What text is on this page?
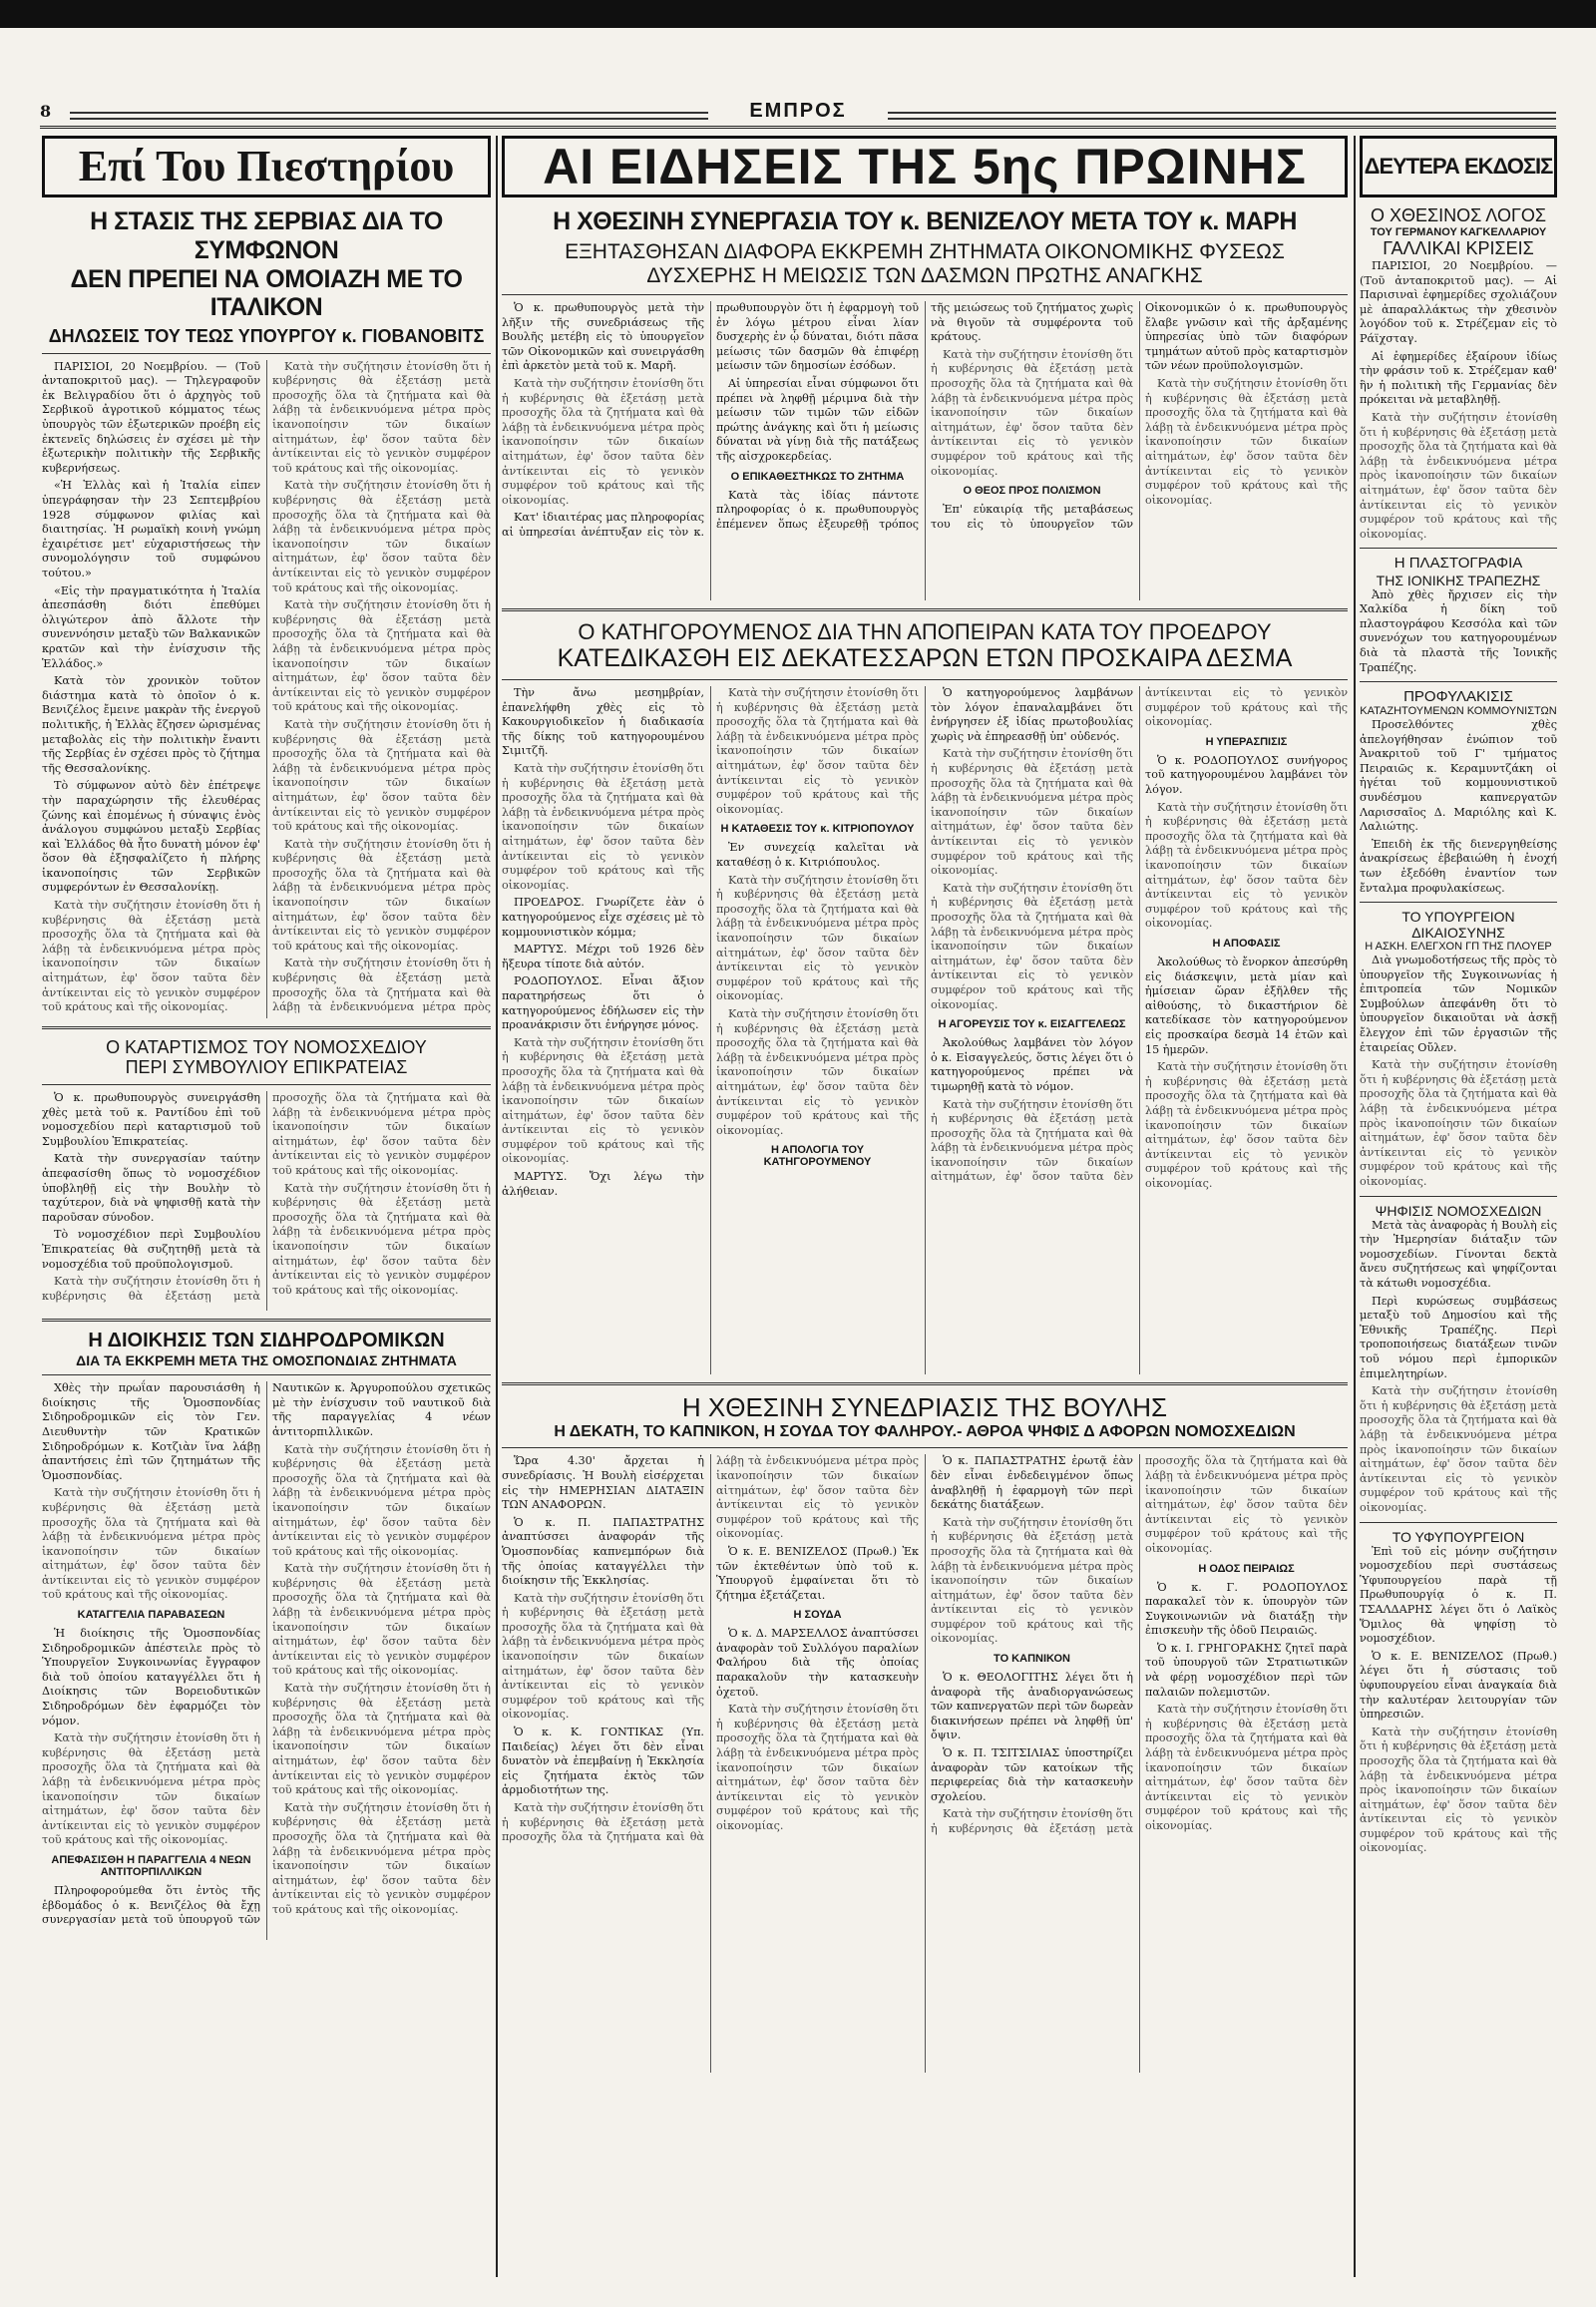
8	ΕΜΠΡΟΣ
Επί Του Πιεστηρίου

Η ΣΤΑΣΙΣ ΤΗΣ ΣΕΡΒΙΑΣ ΔΙΑ ΤΟ ΣΥΜΦΩΝΟΝ

ΔΕΝ ΠΡΕΠΕΙ ΝΑ ΟΜΟΙΑΖΗ ΜΕ ΤΟ ΙΤΑΛΙΚΟΝ

ΔΗΛΩΣΕΙΣ ΤΟΥ ΤΕΩΣ ΥΠΟΥΡΓΟΥ κ. ΓΙΟΒΑΝΟΒΙΤΣ

ΠΑΡΙΣΙΟΙ, 20 Νοεμβρίου. — (Τοῦ ἀνταποκριτοῦ μας). — Τηλεγραφοῦν ἐκ Βελιγραδίου ὅτι ὁ ἀρχηγὸς τοῦ Σερβικοῦ ἀγροτικοῦ κόμματος τέως ὑπουργὸς τῶν ἐξωτερικῶν προέβη εἰς ἐκτενεῖς δηλώσεις ἐν σχέσει μὲ τὴν ἐξωτερικὴν πολιτικὴν τῆς Σερβικῆς κυβερνήσεως.

«Ἡ Ἑλλὰς καὶ ἡ Ἰταλία εἰπεν ὑπεγράφησαν τὴν 23 Σεπτεμβρίου 1928 σύμφωνον φιλίας καὶ διαιτησίας. Ἡ ρωμαϊκὴ κοινὴ γνώμη ἐχαιρέτισε μετ' εὐχαριστήσεως τὴν συνομολόγησιν τοῦ συμφώνου τούτου.»

«Εἰς τὴν πραγματικότητα ἡ Ἰταλία ἀπεσπάσθη διότι ἐπεθύμει ὀλιγώτερον ἀπὸ ἄλλοτε τὴν συνεννόησιν μεταξὺ τῶν Βαλκανικῶν κρατῶν καὶ τὴν ἐνίσχυσιν τῆς Ἑλλάδος.»

Κατὰ τὸν χρονικὸν τοῦτον διάστημα κατὰ τὸ ὁποῖον ὁ κ. Βενιζέλος ἔμεινε μακρὰν τῆς ἐνεργοῦ πολιτικῆς, ἡ Ἑλλὰς ἔζησεν ὡρισμένας μεταβολὰς εἰς τὴν πολιτικὴν ἔναντι τῆς Σερβίας ἐν σχέσει πρὸς τὸ ζήτημα τῆς Θεσσαλονίκης.

Τὸ σύμφωνον αὐτὸ δὲν ἐπέτρεψε τὴν παραχώρησιν τῆς ἐλευθέρας ζώνης καὶ ἐπομένως ἡ σύναψις ἑνὸς ἀνάλογου συμφώνου μεταξὺ Σερβίας καὶ Ἑλλάδος θὰ ἦτο δυνατὴ μόνον ἐφ' ὅσον θὰ ἐξησφαλίζετο ἡ πλήρης ἱκανοποίησις τῶν Σερβικῶν συμφερόντων ἐν Θεσσαλονίκῃ.

Κατὰ τὴν συζήτησιν ἐτονίσθη ὅτι ἡ κυβέρνησις θὰ ἐξετάσῃ μετὰ προσοχῆς ὅλα τὰ ζητήματα καὶ θὰ λάβῃ τὰ ἐνδεικνυόμενα μέτρα πρὸς ἱκανοποίησιν τῶν δικαίων αἰτημάτων, ἐφ' ὅσον ταῦτα δὲν ἀντίκεινται εἰς τὸ γενικὸν συμφέρον τοῦ κράτους καὶ τῆς οἰκονομίας.

Κατὰ τὴν συζήτησιν ἐτονίσθη ὅτι ἡ κυβέρνησις θὰ ἐξετάσῃ μετὰ προσοχῆς ὅλα τὰ ζητήματα καὶ θὰ λάβῃ τὰ ἐνδεικνυόμενα μέτρα πρὸς ἱκανοποίησιν τῶν δικαίων αἰτημάτων, ἐφ' ὅσον ταῦτα δὲν ἀντίκεινται εἰς τὸ γενικὸν συμφέρον τοῦ κράτους καὶ τῆς οἰκονομίας.

Κατὰ τὴν συζήτησιν ἐτονίσθη ὅτι ἡ κυβέρνησις θὰ ἐξετάσῃ μετὰ προσοχῆς ὅλα τὰ ζητήματα καὶ θὰ λάβῃ τὰ ἐνδεικνυόμενα μέτρα πρὸς ἱκανοποίησιν τῶν δικαίων αἰτημάτων, ἐφ' ὅσον ταῦτα δὲν ἀντίκεινται εἰς τὸ γενικὸν συμφέρον τοῦ κράτους καὶ τῆς οἰκονομίας.

Κατὰ τὴν συζήτησιν ἐτονίσθη ὅτι ἡ κυβέρνησις θὰ ἐξετάσῃ μετὰ προσοχῆς ὅλα τὰ ζητήματα καὶ θὰ λάβῃ τὰ ἐνδεικνυόμενα μέτρα πρὸς ἱκανοποίησιν τῶν δικαίων αἰτημάτων, ἐφ' ὅσον ταῦτα δὲν ἀντίκεινται εἰς τὸ γενικὸν συμφέρον τοῦ κράτους καὶ τῆς οἰκονομίας.

Κατὰ τὴν συζήτησιν ἐτονίσθη ὅτι ἡ κυβέρνησις θὰ ἐξετάσῃ μετὰ προσοχῆς ὅλα τὰ ζητήματα καὶ θὰ λάβῃ τὰ ἐνδεικνυόμενα μέτρα πρὸς ἱκανοποίησιν τῶν δικαίων αἰτημάτων, ἐφ' ὅσον ταῦτα δὲν ἀντίκεινται εἰς τὸ γενικὸν συμφέρον τοῦ κράτους καὶ τῆς οἰκονομίας.

Κατὰ τὴν συζήτησιν ἐτονίσθη ὅτι ἡ κυβέρνησις θὰ ἐξετάσῃ μετὰ προσοχῆς ὅλα τὰ ζητήματα καὶ θὰ λάβῃ τὰ ἐνδεικνυόμενα μέτρα πρὸς ἱκανοποίησιν τῶν δικαίων αἰτημάτων, ἐφ' ὅσον ταῦτα δὲν ἀντίκεινται εἰς τὸ γενικὸν συμφέρον τοῦ κράτους καὶ τῆς οἰκονομίας.

Κατὰ τὴν συζήτησιν ἐτονίσθη ὅτι ἡ κυβέρνησις θὰ ἐξετάσῃ μετὰ προσοχῆς ὅλα τὰ ζητήματα καὶ θὰ λάβῃ τὰ ἐνδεικνυόμενα μέτρα πρὸς

Ο ΚΑΤΑΡΤΙΣΜΟΣ ΤΟΥ ΝΟΜΟΣΧΕΔΙΟΥ

ΠΕΡΙ ΣΥΜΒΟΥΛΙΟΥ ΕΠΙΚΡΑΤΕΙΑΣ

Ὁ κ. πρωθυπουργὸς συνειργάσθη χθὲς μετὰ τοῦ κ. Ραντίδου ἐπὶ τοῦ νομοσχεδίου περὶ καταρτισμοῦ τοῦ Συμβουλίου Ἐπικρατείας.

Κατὰ τὴν συνεργασίαν ταύτην ἀπεφασίσθη ὅπως τὸ νομοσχέδιον ὑποβληθῇ εἰς τὴν Βουλὴν τὸ ταχύτερον, διὰ νὰ ψηφισθῇ κατὰ τὴν παροῦσαν σύνοδον.

Τὸ νομοσχέδιον περὶ Συμβουλίου Ἐπικρατείας θὰ συζητηθῇ μετὰ τὰ νομοσχέδια τοῦ προϋπολογισμοῦ.

Κατὰ τὴν συζήτησιν ἐτονίσθη ὅτι ἡ κυβέρνησις θὰ ἐξετάσῃ μετὰ προσοχῆς ὅλα τὰ ζητήματα καὶ θὰ λάβῃ τὰ ἐνδεικνυόμενα μέτρα πρὸς ἱκανοποίησιν τῶν δικαίων αἰτημάτων, ἐφ' ὅσον ταῦτα δὲν ἀντίκεινται εἰς τὸ γενικὸν συμφέρον τοῦ κράτους καὶ τῆς οἰκονομίας.

Κατὰ τὴν συζήτησιν ἐτονίσθη ὅτι ἡ κυβέρνησις θὰ ἐξετάσῃ μετὰ προσοχῆς ὅλα τὰ ζητήματα καὶ θὰ λάβῃ τὰ ἐνδεικνυόμενα μέτρα πρὸς ἱκανοποίησιν τῶν δικαίων αἰτημάτων, ἐφ' ὅσον ταῦτα δὲν ἀντίκεινται εἰς τὸ γενικὸν συμφέρον τοῦ κράτους καὶ τῆς οἰκονομίας.

Η ΔΙΟΙΚΗΣΙΣ ΤΩΝ ΣΙΔΗΡΟΔΡΟΜΙΚΩΝ

ΔΙΑ ΤΑ ΕΚΚΡΕΜΗ ΜΕΤΑ ΤΗΣ ΟΜΟΣΠΟΝΔΙΑΣ ΖΗΤΗΜΑΤΑ

Χθὲς τὴν πρωΐαν παρουσιάσθη ἡ διοίκησις τῆς Ὁμοσπονδίας Σιδηροδρομικῶν εἰς τὸν Γεν. Διευθυντὴν τῶν Κρατικῶν Σιδηροδρόμων κ. Κοτζιὰν ἵνα λάβῃ ἀπαντήσεις ἐπὶ τῶν ζητημάτων τῆς Ὁμοσπονδίας.

Κατὰ τὴν συζήτησιν ἐτονίσθη ὅτι ἡ κυβέρνησις θὰ ἐξετάσῃ μετὰ προσοχῆς ὅλα τὰ ζητήματα καὶ θὰ λάβῃ τὰ ἐνδεικνυόμενα μέτρα πρὸς ἱκανοποίησιν τῶν δικαίων αἰτημάτων, ἐφ' ὅσον ταῦτα δὲν ἀντίκεινται εἰς τὸ γενικὸν συμφέρον τοῦ κράτους καὶ τῆς οἰκονομίας.

ΚΑΤΑΓΓΕΛΙΑ ΠΑΡΑΒΑΣΕΩΝ

Ἡ διοίκησις τῆς Ὁμοσπονδίας Σιδηροδρομικῶν ἀπέστειλε πρὸς τὸ Ὑπουργεῖον Συγκοινωνίας ἔγγραφον διὰ τοῦ ὁποίου καταγγέλλει ὅτι ἡ Διοίκησις τῶν Βορειοδυτικῶν Σιδηροδρόμων δὲν ἐφαρμόζει τὸν νόμον.

Κατὰ τὴν συζήτησιν ἐτονίσθη ὅτι ἡ κυβέρνησις θὰ ἐξετάσῃ μετὰ προσοχῆς ὅλα τὰ ζητήματα καὶ θὰ λάβῃ τὰ ἐνδεικνυόμενα μέτρα πρὸς ἱκανοποίησιν τῶν δικαίων αἰτημάτων, ἐφ' ὅσον ταῦτα δὲν ἀντίκεινται εἰς τὸ γενικὸν συμφέρον τοῦ κράτους καὶ τῆς οἰκονομίας.

ΑΠΕΦΑΣΙΣΘΗ Η ΠΑΡΑΓΓΕΛΙΑ 4 ΝΕΩΝ ΑΝΤΙΤΟΡΠΙΛΛΙΚΩΝ

Πληροφορούμεθα ὅτι ἐντὸς τῆς ἑβδομάδος ὁ κ. Βενιζέλος θὰ ἔχῃ συνεργασίαν μετὰ τοῦ ὑπουργοῦ τῶν Ναυτικῶν κ. Ἀργυροπούλου σχετικῶς μὲ τὴν ἐνίσχυσιν τοῦ ναυτικοῦ διὰ τῆς παραγγελίας 4 νέων ἀντιτορπιλλικῶν.

Κατὰ τὴν συζήτησιν ἐτονίσθη ὅτι ἡ κυβέρνησις θὰ ἐξετάσῃ μετὰ προσοχῆς ὅλα τὰ ζητήματα καὶ θὰ λάβῃ τὰ ἐνδεικνυόμενα μέτρα πρὸς ἱκανοποίησιν τῶν δικαίων αἰτημάτων, ἐφ' ὅσον ταῦτα δὲν ἀντίκεινται εἰς τὸ γενικὸν συμφέρον τοῦ κράτους καὶ τῆς οἰκονομίας.

Κατὰ τὴν συζήτησιν ἐτονίσθη ὅτι ἡ κυβέρνησις θὰ ἐξετάσῃ μετὰ προσοχῆς ὅλα τὰ ζητήματα καὶ θὰ λάβῃ τὰ ἐνδεικνυόμενα μέτρα πρὸς ἱκανοποίησιν τῶν δικαίων αἰτημάτων, ἐφ' ὅσον ταῦτα δὲν ἀντίκεινται εἰς τὸ γενικὸν συμφέρον τοῦ κράτους καὶ τῆς οἰκονομίας.

Κατὰ τὴν συζήτησιν ἐτονίσθη ὅτι ἡ κυβέρνησις θὰ ἐξετάσῃ μετὰ προσοχῆς ὅλα τὰ ζητήματα καὶ θὰ λάβῃ τὰ ἐνδεικνυόμενα μέτρα πρὸς ἱκανοποίησιν τῶν δικαίων αἰτημάτων, ἐφ' ὅσον ταῦτα δὲν ἀντίκεινται εἰς τὸ γενικὸν συμφέρον τοῦ κράτους καὶ τῆς οἰκονομίας.

Κατὰ τὴν συζήτησιν ἐτονίσθη ὅτι ἡ κυβέρνησις θὰ ἐξετάσῃ μετὰ προσοχῆς ὅλα τὰ ζητήματα καὶ θὰ λάβῃ τὰ ἐνδεικνυόμενα μέτρα πρὸς ἱκανοποίησιν τῶν δικαίων αἰτημάτων, ἐφ' ὅσον ταῦτα δὲν ἀντίκεινται εἰς τὸ γενικὸν συμφέρον τοῦ κράτους καὶ τῆς οἰκονομίας.

ΑΙ ΕΙΔΗΣΕΙΣ ΤΗΣ 5ης ΠΡΩΙΝΗΣ

Η ΧΘΕΣΙΝΗ ΣΥΝΕΡΓΑΣΙΑ ΤΟΥ κ. ΒΕΝΙΖΕΛΟΥ ΜΕΤΑ ΤΟΥ κ. ΜΑΡΗ

ΕΞΗΤΑΣΘΗΣΑΝ ΔΙΑΦΟΡΑ ΕΚΚΡΕΜΗ ΖΗΤΗΜΑΤΑ ΟΙΚΟΝΟΜΙΚΗΣ ΦΥΣΕΩΣ

ΔΥΣΧΕΡΗΣ Η ΜΕΙΩΣΙΣ ΤΩΝ ΔΑΣΜΩΝ ΠΡΩΤΗΣ ΑΝΑΓΚΗΣ

Ὁ κ. πρωθυπουργὸς μετὰ τὴν λῆξιν τῆς συνεδριάσεως τῆς Βουλῆς μετέβη εἰς τὸ ὑπουργεῖον τῶν Οἰκονομικῶν καὶ συνειργάσθη ἐπὶ ἀρκετὸν μετὰ τοῦ κ. Μαρῆ.

Κατὰ τὴν συζήτησιν ἐτονίσθη ὅτι ἡ κυβέρνησις θὰ ἐξετάσῃ μετὰ προσοχῆς ὅλα τὰ ζητήματα καὶ θὰ λάβῃ τὰ ἐνδεικνυόμενα μέτρα πρὸς ἱκανοποίησιν τῶν δικαίων αἰτημάτων, ἐφ' ὅσον ταῦτα δὲν ἀντίκεινται εἰς τὸ γενικὸν συμφέρον τοῦ κράτους καὶ τῆς οἰκονομίας.

Κατ' ἰδιαιτέρας μας πληροφορίας αἱ ὑπηρεσίαι ἀνέπτυξαν εἰς τὸν κ. πρωθυπουργὸν ὅτι ἡ ἐφαρμογὴ τοῦ ἐν λόγω μέτρου εἶναι λίαν δυσχερὴς ἐν ᾧ δύναται, διότι πᾶσα μείωσις τῶν δασμῶν θὰ ἐπιφέρῃ μείωσιν τῶν δημοσίων ἐσόδων.

Αἱ ὑπηρεσίαι εἶναι σύμφωνοι ὅτι πρέπει νὰ ληφθῇ μέριμνα διὰ τὴν μείωσιν τῶν τιμῶν τῶν εἰδῶν πρώτης ἀνάγκης καὶ ὅτι ἡ μείωσις δύναται νὰ γίνῃ διὰ τῆς πατάξεως τῆς αἰσχροκερδείας.

Ο ΕΠΙΚΑΘΕΣΤΗΚΩΣ ΤΟ ΖΗΤΗΜΑ

Κατὰ τὰς ἰδίας πάντοτε πληροφορίας ὁ κ. πρωθυπουργὸς ἐπέμενεν ὅπως ἐξευρεθῇ τρόπος τῆς μειώσεως τοῦ ζητήματος χωρὶς νὰ θιγοῦν τὰ συμφέροντα τοῦ κράτους.

Κατὰ τὴν συζήτησιν ἐτονίσθη ὅτι ἡ κυβέρνησις θὰ ἐξετάσῃ μετὰ προσοχῆς ὅλα τὰ ζητήματα καὶ θὰ λάβῃ τὰ ἐνδεικνυόμενα μέτρα πρὸς ἱκανοποίησιν τῶν δικαίων αἰτημάτων, ἐφ' ὅσον ταῦτα δὲν ἀντίκεινται εἰς τὸ γενικὸν συμφέρον τοῦ κράτους καὶ τῆς οἰκονομίας.

Ο ΘΕΟΣ ΠΡΟΣ ΠΟΛΙΣΜΟΝ

Ἐπ' εὐκαιρίᾳ τῆς μεταβάσεως του εἰς τὸ ὑπουργεῖον τῶν Οἰκονομικῶν ὁ κ. πρωθυπουργὸς ἔλαβε γνῶσιν καὶ τῆς ἀρξαμένης ὑπηρεσίας ὑπὸ τῶν διαφόρων τμημάτων αὐτοῦ πρὸς καταρτισμὸν τῶν νέων προϋπολογισμῶν.

Κατὰ τὴν συζήτησιν ἐτονίσθη ὅτι ἡ κυβέρνησις θὰ ἐξετάσῃ μετὰ προσοχῆς ὅλα τὰ ζητήματα καὶ θὰ λάβῃ τὰ ἐνδεικνυόμενα μέτρα πρὸς ἱκανοποίησιν τῶν δικαίων αἰτημάτων, ἐφ' ὅσον ταῦτα δὲν ἀντίκεινται εἰς τὸ γενικὸν συμφέρον τοῦ κράτους καὶ τῆς οἰκονομίας.

Ο ΚΑΤΗΓΟΡΟΥΜΕΝΟΣ ΔΙΑ ΤΗΝ ΑΠΟΠΕΙΡΑΝ ΚΑΤΑ ΤΟΥ ΠΡΟΕΔΡΟΥ

ΚΑΤΕΔΙΚΑΣΘΗ ΕΙΣ ΔΕΚΑΤΕΣΣΑΡΩΝ ΕΤΩΝ ΠΡΟΣΚΑΙΡΑ ΔΕΣΜΑ

Τὴν ἄνω μεσημβρίαν, ἐπανελήφθη χθὲς εἰς τὸ Κακουργιοδικεῖον ἡ διαδικασία τῆς δίκης τοῦ κατηγορουμένου Σιμιτζῆ.

Κατὰ τὴν συζήτησιν ἐτονίσθη ὅτι ἡ κυβέρνησις θὰ ἐξετάσῃ μετὰ προσοχῆς ὅλα τὰ ζητήματα καὶ θὰ λάβῃ τὰ ἐνδεικνυόμενα μέτρα πρὸς ἱκανοποίησιν τῶν δικαίων αἰτημάτων, ἐφ' ὅσον ταῦτα δὲν ἀντίκεινται εἰς τὸ γενικὸν συμφέρον τοῦ κράτους καὶ τῆς οἰκονομίας.

ΠΡΟΕΔΡΟΣ. Γνωρίζετε ἐὰν ὁ κατηγορούμενος εἶχε σχέσεις μὲ τὸ κομμουνιστικὸν κόμμα;

ΜΑΡΤΥΣ. Μέχρι τοῦ 1926 δὲν ἤξευρα τίποτε διὰ αὐτόν.

ΡΟΔΟΠΟΥΛΟΣ. Εἶναι ἄξιον παρατηρήσεως ὅτι ὁ κατηγορούμενος ἐδήλωσεν εἰς τὴν προανάκρισιν ὅτι ἐνήργησε μόνος.

Κατὰ τὴν συζήτησιν ἐτονίσθη ὅτι ἡ κυβέρνησις θὰ ἐξετάσῃ μετὰ προσοχῆς ὅλα τὰ ζητήματα καὶ θὰ λάβῃ τὰ ἐνδεικνυόμενα μέτρα πρὸς ἱκανοποίησιν τῶν δικαίων αἰτημάτων, ἐφ' ὅσον ταῦτα δὲν ἀντίκεινται εἰς τὸ γενικὸν συμφέρον τοῦ κράτους καὶ τῆς οἰκονομίας.

ΜΑΡΤΥΣ. Ὄχι λέγω τὴν ἀλήθειαν.

Κατὰ τὴν συζήτησιν ἐτονίσθη ὅτι ἡ κυβέρνησις θὰ ἐξετάσῃ μετὰ προσοχῆς ὅλα τὰ ζητήματα καὶ θὰ λάβῃ τὰ ἐνδεικνυόμενα μέτρα πρὸς ἱκανοποίησιν τῶν δικαίων αἰτημάτων, ἐφ' ὅσον ταῦτα δὲν ἀντίκεινται εἰς τὸ γενικὸν συμφέρον τοῦ κράτους καὶ τῆς οἰκονομίας.

Η ΚΑΤΑΘΕΣΙΣ ΤΟΥ κ. ΚΙΤΡΙΟΠΟΥΛΟΥ

Ἐν συνεχείᾳ καλεῖται νὰ καταθέσῃ ὁ κ. Κιτριόπουλος.

Κατὰ τὴν συζήτησιν ἐτονίσθη ὅτι ἡ κυβέρνησις θὰ ἐξετάσῃ μετὰ προσοχῆς ὅλα τὰ ζητήματα καὶ θὰ λάβῃ τὰ ἐνδεικνυόμενα μέτρα πρὸς ἱκανοποίησιν τῶν δικαίων αἰτημάτων, ἐφ' ὅσον ταῦτα δὲν ἀντίκεινται εἰς τὸ γενικὸν συμφέρον τοῦ κράτους καὶ τῆς οἰκονομίας.

Κατὰ τὴν συζήτησιν ἐτονίσθη ὅτι ἡ κυβέρνησις θὰ ἐξετάσῃ μετὰ προσοχῆς ὅλα τὰ ζητήματα καὶ θὰ λάβῃ τὰ ἐνδεικνυόμενα μέτρα πρὸς ἱκανοποίησιν τῶν δικαίων αἰτημάτων, ἐφ' ὅσον ταῦτα δὲν ἀντίκεινται εἰς τὸ γενικὸν συμφέρον τοῦ κράτους καὶ τῆς οἰκονομίας.

Η ΑΠΟΛΟΓΙΑ ΤΟΥ ΚΑΤΗΓΟΡΟΥΜΕΝΟΥ

Ὁ κατηγορούμενος λαμβάνων τὸν λόγον ἐπαναλαμβάνει ὅτι ἐνήργησεν ἐξ ἰδίας πρωτοβουλίας χωρὶς νὰ ἐπηρεασθῇ ὑπ' οὐδενός.

Κατὰ τὴν συζήτησιν ἐτονίσθη ὅτι ἡ κυβέρνησις θὰ ἐξετάσῃ μετὰ προσοχῆς ὅλα τὰ ζητήματα καὶ θὰ λάβῃ τὰ ἐνδεικνυόμενα μέτρα πρὸς ἱκανοποίησιν τῶν δικαίων αἰτημάτων, ἐφ' ὅσον ταῦτα δὲν ἀντίκεινται εἰς τὸ γενικὸν συμφέρον τοῦ κράτους καὶ τῆς οἰκονομίας.

Κατὰ τὴν συζήτησιν ἐτονίσθη ὅτι ἡ κυβέρνησις θὰ ἐξετάσῃ μετὰ προσοχῆς ὅλα τὰ ζητήματα καὶ θὰ λάβῃ τὰ ἐνδεικνυόμενα μέτρα πρὸς ἱκανοποίησιν τῶν δικαίων αἰτημάτων, ἐφ' ὅσον ταῦτα δὲν ἀντίκεινται εἰς τὸ γενικὸν συμφέρον τοῦ κράτους καὶ τῆς οἰκονομίας.

Η ΑΓΟΡΕΥΣΙΣ ΤΟΥ κ. ΕΙΣΑΓΓΕΛΕΩΣ

Ἀκολούθως λαμβάνει τὸν λόγον ὁ κ. Εἰσαγγελεύς, ὅστις λέγει ὅτι ὁ κατηγορούμενος πρέπει νὰ τιμωρηθῇ κατὰ τὸ νόμον.

Κατὰ τὴν συζήτησιν ἐτονίσθη ὅτι ἡ κυβέρνησις θὰ ἐξετάσῃ μετὰ προσοχῆς ὅλα τὰ ζητήματα καὶ θὰ λάβῃ τὰ ἐνδεικνυόμενα μέτρα πρὸς ἱκανοποίησιν τῶν δικαίων αἰτημάτων, ἐφ' ὅσον ταῦτα δὲν ἀντίκεινται εἰς τὸ γενικὸν συμφέρον τοῦ κράτους καὶ τῆς οἰκονομίας.

Η ΥΠΕΡΑΣΠΙΣΙΣ

Ὁ κ. ΡΟΔΟΠΟΥΛΟΣ συνήγορος τοῦ κατηγορουμένου λαμβάνει τὸν λόγον.

Κατὰ τὴν συζήτησιν ἐτονίσθη ὅτι ἡ κυβέρνησις θὰ ἐξετάσῃ μετὰ προσοχῆς ὅλα τὰ ζητήματα καὶ θὰ λάβῃ τὰ ἐνδεικνυόμενα μέτρα πρὸς ἱκανοποίησιν τῶν δικαίων αἰτημάτων, ἐφ' ὅσον ταῦτα δὲν ἀντίκεινται εἰς τὸ γενικὸν συμφέρον τοῦ κράτους καὶ τῆς οἰκονομίας.

Η ΑΠΟΦΑΣΙΣ

Ἀκολούθως τὸ ἔνορκον ἀπεσύρθη εἰς διάσκεψιν, μετὰ μίαν καὶ ἡμίσειαν ὥραν ἐξῆλθεν τῆς αἰθούσης, τὸ δικαστήριον δὲ κατεδίκασε τὸν κατηγορούμενον εἰς προσκαίρα δεσμὰ 14 ἐτῶν καὶ 15 ἡμερῶν.

Κατὰ τὴν συζήτησιν ἐτονίσθη ὅτι ἡ κυβέρνησις θὰ ἐξετάσῃ μετὰ προσοχῆς ὅλα τὰ ζητήματα καὶ θὰ λάβῃ τὰ ἐνδεικνυόμενα μέτρα πρὸς ἱκανοποίησιν τῶν δικαίων αἰτημάτων, ἐφ' ὅσον ταῦτα δὲν ἀντίκεινται εἰς τὸ γενικὸν συμφέρον τοῦ κράτους καὶ τῆς οἰκονομίας.

Η ΧΘΕΣΙΝΗ ΣΥΝΕΔΡΙΑΣΙΣ ΤΗΣ ΒΟΥΛΗΣ

Η ΔΕΚΑΤΗ, ΤΟ ΚΑΠΝΙΚΟΝ, Η ΣΟΥΔΑ ΤΟΥ ΦΑΛΗΡΟΥ.- ΑΘΡΟΑ ΨΗΦΙΣ Δ ΑΦΟΡΩΝ ΝΟΜΟΣΧΕΔΙΩΝ

Ὥρα 4.30' ἄρχεται ἡ συνεδρίασις. Ἡ Βουλὴ εἰσέρχεται εἰς τὴν ΗΜΕΡΗΣΙΑΝ ΔΙΑΤΑΞΙΝ ΤΩΝ ΑΝΑΦΟΡΩΝ.

Ὁ κ. Π. ΠΑΠΑΣΤΡΑΤΗΣ ἀναπτύσσει ἀναφοράν τῆς Ὁμοσπονδίας καπνεμπόρων διὰ τῆς ὁποίας καταγγέλλει τὴν διοίκησιν τῆς Ἐκκλησίας.

Κατὰ τὴν συζήτησιν ἐτονίσθη ὅτι ἡ κυβέρνησις θὰ ἐξετάσῃ μετὰ προσοχῆς ὅλα τὰ ζητήματα καὶ θὰ λάβῃ τὰ ἐνδεικνυόμενα μέτρα πρὸς ἱκανοποίησιν τῶν δικαίων αἰτημάτων, ἐφ' ὅσον ταῦτα δὲν ἀντίκεινται εἰς τὸ γενικὸν συμφέρον τοῦ κράτους καὶ τῆς οἰκονομίας.

Ὁ κ. Κ. ΓΟΝΤΙΚΑΣ (Υπ. Παιδείας) λέγει ὅτι δὲν εἶναι δυνατὸν νὰ ἐπεμβαίνῃ ἡ Ἐκκλησία εἰς ζητήματα ἐκτὸς τῶν ἁρμοδιοτήτων της.

Κατὰ τὴν συζήτησιν ἐτονίσθη ὅτι ἡ κυβέρνησις θὰ ἐξετάσῃ μετὰ προσοχῆς ὅλα τὰ ζητήματα καὶ θὰ λάβῃ τὰ ἐνδεικνυόμενα μέτρα πρὸς ἱκανοποίησιν τῶν δικαίων αἰτημάτων, ἐφ' ὅσον ταῦτα δὲν ἀντίκεινται εἰς τὸ γενικὸν συμφέρον τοῦ κράτους καὶ τῆς οἰκονομίας.

Ὁ κ. Ε. ΒΕΝΙΖΕΛΟΣ (Πρωθ.) Ἐκ τῶν ἐκτεθέντων ὑπὸ τοῦ κ. Ὑπουργοῦ ἐμφαίνεται ὅτι τὸ ζήτημα ἐξετάζεται.

Η ΣΟΥΔΑ

Ὁ κ. Δ. ΜΑΡΣΕΛΛΟΣ ἀναπτύσσει ἀναφορὰν τοῦ Συλλόγου παραλίων Φαλήρου διὰ τῆς ὁποίας παρακαλοῦν τὴν κατασκευὴν ὀχετοῦ.

Κατὰ τὴν συζήτησιν ἐτονίσθη ὅτι ἡ κυβέρνησις θὰ ἐξετάσῃ μετὰ προσοχῆς ὅλα τὰ ζητήματα καὶ θὰ λάβῃ τὰ ἐνδεικνυόμενα μέτρα πρὸς ἱκανοποίησιν τῶν δικαίων αἰτημάτων, ἐφ' ὅσον ταῦτα δὲν ἀντίκεινται εἰς τὸ γενικὸν συμφέρον τοῦ κράτους καὶ τῆς οἰκονομίας.

Ὁ κ. ΠΑΠΑΣΤΡΑΤΗΣ ἐρωτᾷ ἐὰν δὲν εἶναι ἐνδεδειγμένον ὅπως ἀναβληθῇ ἡ ἐφαρμογὴ τῶν περὶ δεκάτης διατάξεων.

Κατὰ τὴν συζήτησιν ἐτονίσθη ὅτι ἡ κυβέρνησις θὰ ἐξετάσῃ μετὰ προσοχῆς ὅλα τὰ ζητήματα καὶ θὰ λάβῃ τὰ ἐνδεικνυόμενα μέτρα πρὸς ἱκανοποίησιν τῶν δικαίων αἰτημάτων, ἐφ' ὅσον ταῦτα δὲν ἀντίκεινται εἰς τὸ γενικὸν συμφέρον τοῦ κράτους καὶ τῆς οἰκονομίας.

ΤΟ ΚΑΠΝΙΚΟΝ

Ὁ κ. ΘΕΟΛΟΓΙΤΗΣ λέγει ὅτι ἡ ἀναφορὰ τῆς ἀναδιοργανώσεως τῶν καπνεργατῶν περὶ τῶν δωρεὰν διακινήσεων πρέπει νὰ ληφθῇ ὑπ' ὄψιν.

Ὁ κ. Π. ΤΣΙΤΣΙΛΙΑΣ ὑποστηρίζει ἀναφορὰν τῶν κατοίκων τῆς περιφερείας διὰ τὴν κατασκευὴν σχολείου.

Κατὰ τὴν συζήτησιν ἐτονίσθη ὅτι ἡ κυβέρνησις θὰ ἐξετάσῃ μετὰ προσοχῆς ὅλα τὰ ζητήματα καὶ θὰ λάβῃ τὰ ἐνδεικνυόμενα μέτρα πρὸς ἱκανοποίησιν τῶν δικαίων αἰτημάτων, ἐφ' ὅσον ταῦτα δὲν ἀντίκεινται εἰς τὸ γενικὸν συμφέρον τοῦ κράτους καὶ τῆς οἰκονομίας.

Η ΟΔΟΣ ΠΕΙΡΑΙΩΣ

Ὁ κ. Γ. ΡΟΔΟΠΟΥΛΟΣ παρακαλεῖ τὸν κ. ὑπουργὸν τῶν Συγκοινωνιῶν νὰ διατάξῃ τὴν ἐπισκευὴν τῆς ὁδοῦ Πειραιῶς.

Ὁ κ. Ι. ΓΡΗΓΟΡΑΚΗΣ ζητεῖ παρὰ τοῦ ὑπουργοῦ τῶν Στρατιωτικῶν νὰ φέρῃ νομοσχέδιον περὶ τῶν παλαιῶν πολεμιστῶν.

Κατὰ τὴν συζήτησιν ἐτονίσθη ὅτι ἡ κυβέρνησις θὰ ἐξετάσῃ μετὰ προσοχῆς ὅλα τὰ ζητήματα καὶ θὰ λάβῃ τὰ ἐνδεικνυόμενα μέτρα πρὸς ἱκανοποίησιν τῶν δικαίων αἰτημάτων, ἐφ' ὅσον ταῦτα δὲν ἀντίκεινται εἰς τὸ γενικὸν συμφέρον τοῦ κράτους καὶ τῆς οἰκονομίας.

ΔΕΥΤΕΡΑ ΕΚΔΟΣΙΣ

Ο ΧΘΕΣΙΝΟΣ ΛΟΓΟΣ

ΤΟΥ ΓΕΡΜΑΝΟΥ ΚΑΓΚΕΛΛΑΡΙΟΥ

ΓΑΛΛΙΚΑΙ ΚΡΙΣΕΙΣ

ΠΑΡΙΣΙΟΙ, 20 Νοεμβρίου. — (Τοῦ ἀνταποκριτοῦ μας). — Αἱ Παρισιναὶ ἐφημερίδες σχολιάζουν μὲ ἀπαραλλάκτως τὴν χθεσινὸν λογόδον τοῦ κ. Στρέζεμαν εἰς τὸ Ράϊχσταγ.

Αἱ ἐφημερίδες ἐξαίρουν ἰδίως τὴν φράσιν τοῦ κ. Στρέζεμαν καθ' ἣν ἡ πολιτικὴ τῆς Γερμανίας δὲν πρόκειται νὰ μεταβληθῇ.

Κατὰ τὴν συζήτησιν ἐτονίσθη ὅτι ἡ κυβέρνησις θὰ ἐξετάσῃ μετὰ προσοχῆς ὅλα τὰ ζητήματα καὶ θὰ λάβῃ τὰ ἐνδεικνυόμενα μέτρα πρὸς ἱκανοποίησιν τῶν δικαίων αἰτημάτων, ἐφ' ὅσον ταῦτα δὲν ἀντίκεινται εἰς τὸ γενικὸν συμφέρον τοῦ κράτους καὶ τῆς οἰκονομίας.

Η ΠΛΑΣΤΟΓΡΑΦΙΑ

ΤΗΣ ΙΟΝΙΚΗΣ ΤΡΑΠΕΖΗΣ

Ἀπὸ χθὲς ἤρχισεν εἰς τὴν Χαλκίδα ἡ δίκη τοῦ πλαστογράφου Κεσσόλα καὶ τῶν συνενόχων του κατηγορουμένων διὰ τὰ πλαστὰ τῆς Ἰονικῆς Τραπέζης.

ΠΡΟΦΥΛΑΚΙΣΙΣ

ΚΑΤΑΖΗΤΟΥΜΕΝΩΝ ΚΟΜΜΟΥΝΙΣΤΩΝ

Προσελθόντες χθὲς ἀπελογήθησαν ἐνώπιον τοῦ Ἀνακριτοῦ τοῦ Γ' τμήματος Πειραιῶς κ. Κεραμυντζάκη οἱ ἡγέται τοῦ κομμουνιστικοῦ συνδέσμου καπνεργατῶν Λαρισσαῖος Δ. Μαριόλης καὶ Κ. Λαλιώτης.

Ἐπειδὴ ἐκ τῆς διενεργηθείσης ἀνακρίσεως ἐβεβαιώθη ἡ ἐνοχή των ἐξεδόθη ἐναντίον των ἔνταλμα προφυλακίσεως.

ΤΟ ΥΠΟΥΡΓΕΙΟΝ ΔΙΚΑΙΟΣΥΝΗΣ

Η ΑΣΚΗ. ΕΛΕΓΧΟΝ ΓΠ ΤΗΣ ΠΛΟΥΕΡ

Διὰ γνωμοδοτήσεως τῆς πρὸς τὸ ὑπουργεῖον τῆς Συγκοινωνίας ἡ ἐπιτροπεία τῶν Νομικῶν Συμβούλων ἀπεφάνθη ὅτι τὸ ὑπουργεῖον δικαιοῦται νὰ ἀσκῇ ἔλεγχον ἐπὶ τῶν ἐργασιῶν τῆς ἑταιρείας Οὔλεν.

Κατὰ τὴν συζήτησιν ἐτονίσθη ὅτι ἡ κυβέρνησις θὰ ἐξετάσῃ μετὰ προσοχῆς ὅλα τὰ ζητήματα καὶ θὰ λάβῃ τὰ ἐνδεικνυόμενα μέτρα πρὸς ἱκανοποίησιν τῶν δικαίων αἰτημάτων, ἐφ' ὅσον ταῦτα δὲν ἀντίκεινται εἰς τὸ γενικὸν συμφέρον τοῦ κράτους καὶ τῆς οἰκονομίας.

ΨΗΦΙΣΙΣ ΝΟΜΟΣΧΕΔΙΩΝ

Μετὰ τὰς ἀναφορὰς ἡ Βουλὴ εἰς τὴν Ἡμερησίαν διάταξιν τῶν νομοσχεδίων. Γίνονται δεκτὰ ἄνευ συζητήσεως καὶ ψηφίζονται τὰ κάτωθι νομοσχέδια.

Περὶ κυρώσεως συμβάσεως μεταξὺ τοῦ Δημοσίου καὶ τῆς Ἐθνικῆς Τραπέζης. Περὶ τροποποιήσεως διατάξεων τινῶν τοῦ νόμου περὶ ἐμπορικῶν ἐπιμελητηρίων.

Κατὰ τὴν συζήτησιν ἐτονίσθη ὅτι ἡ κυβέρνησις θὰ ἐξετάσῃ μετὰ προσοχῆς ὅλα τὰ ζητήματα καὶ θὰ λάβῃ τὰ ἐνδεικνυόμενα μέτρα πρὸς ἱκανοποίησιν τῶν δικαίων αἰτημάτων, ἐφ' ὅσον ταῦτα δὲν ἀντίκεινται εἰς τὸ γενικὸν συμφέρον τοῦ κράτους καὶ τῆς οἰκονομίας.

ΤΟ ΥΦΥΠΟΥΡΓΕΙΟΝ

Ἐπὶ τοῦ εἰς μόνην συζήτησιν νομοσχεδίου περὶ συστάσεως Ὑφυπουργείου παρὰ τῇ Πρωθυπουργίᾳ ὁ κ. Π. ΤΣΑΛΔΑΡΗΣ λέγει ὅτι ὁ Λαϊκὸς Ὅμιλος θὰ ψηφίσῃ τὸ νομοσχέδιον.

Ὁ κ. Ε. ΒΕΝΙΖΕΛΟΣ (Πρωθ.) λέγει ὅτι ἡ σύστασις τοῦ ὑφυπουργείου εἶναι ἀναγκαία διὰ τὴν καλυτέραν λειτουργίαν τῶν ὑπηρεσιῶν.

Κατὰ τὴν συζήτησιν ἐτονίσθη ὅτι ἡ κυβέρνησις θὰ ἐξετάσῃ μετὰ προσοχῆς ὅλα τὰ ζητήματα καὶ θὰ λάβῃ τὰ ἐνδεικνυόμενα μέτρα πρὸς ἱκανοποίησιν τῶν δικαίων αἰτημάτων, ἐφ' ὅσον ταῦτα δὲν ἀντίκεινται εἰς τὸ γενικὸν συμφέρον τοῦ κράτους καὶ τῆς οἰκονομίας.
